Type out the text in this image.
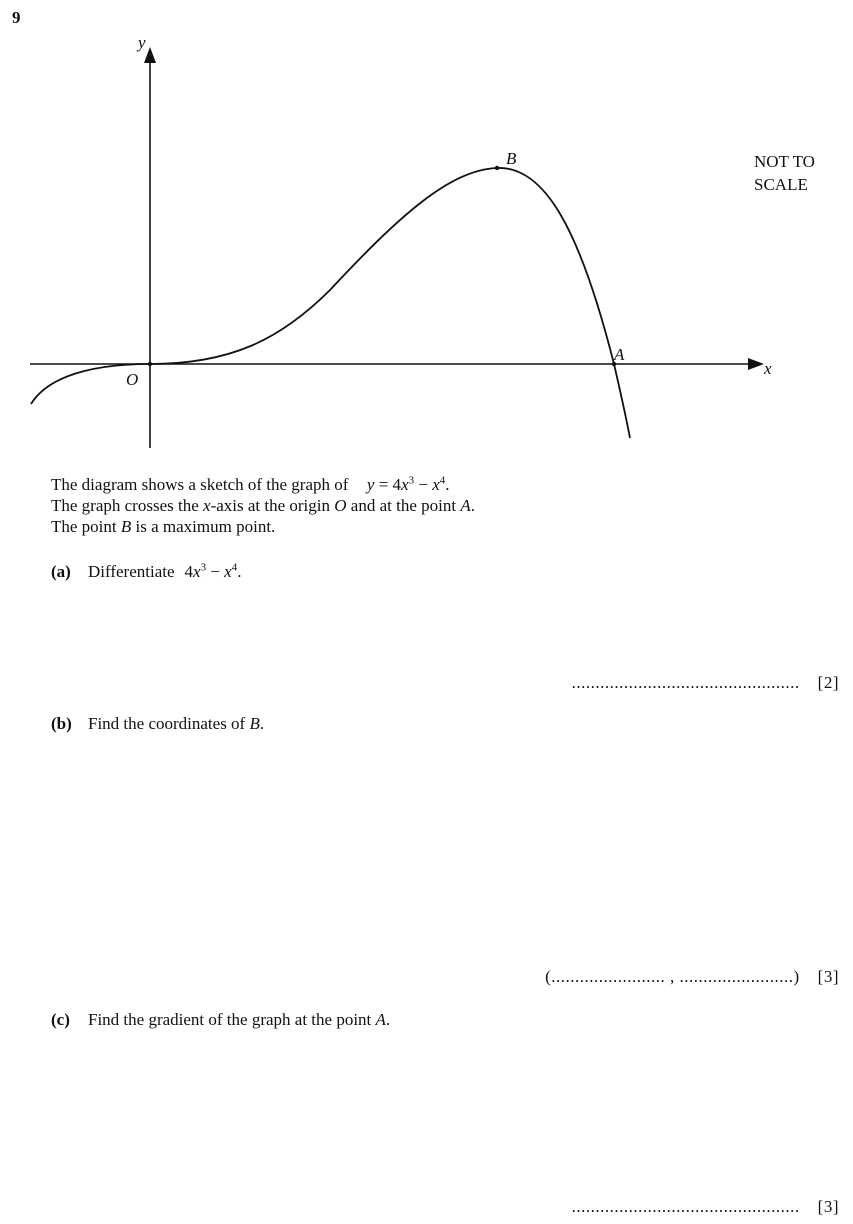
9
y
x
O
A
B	NOT TO
SCALE
The diagram shows a sketch of the graph of $y = 4x^3 - x^4$.
The graph crosses the x-axis at the origin O and at the point A.
The point B is a maximum point.
(a) Differentiate $4x^3 - x^4$.
................................................ [2]
(b) Find the coordinates of B.
(........................ , ........................) [3]
(c) Find the gradient of the graph at the point A.
................................................ [3]
